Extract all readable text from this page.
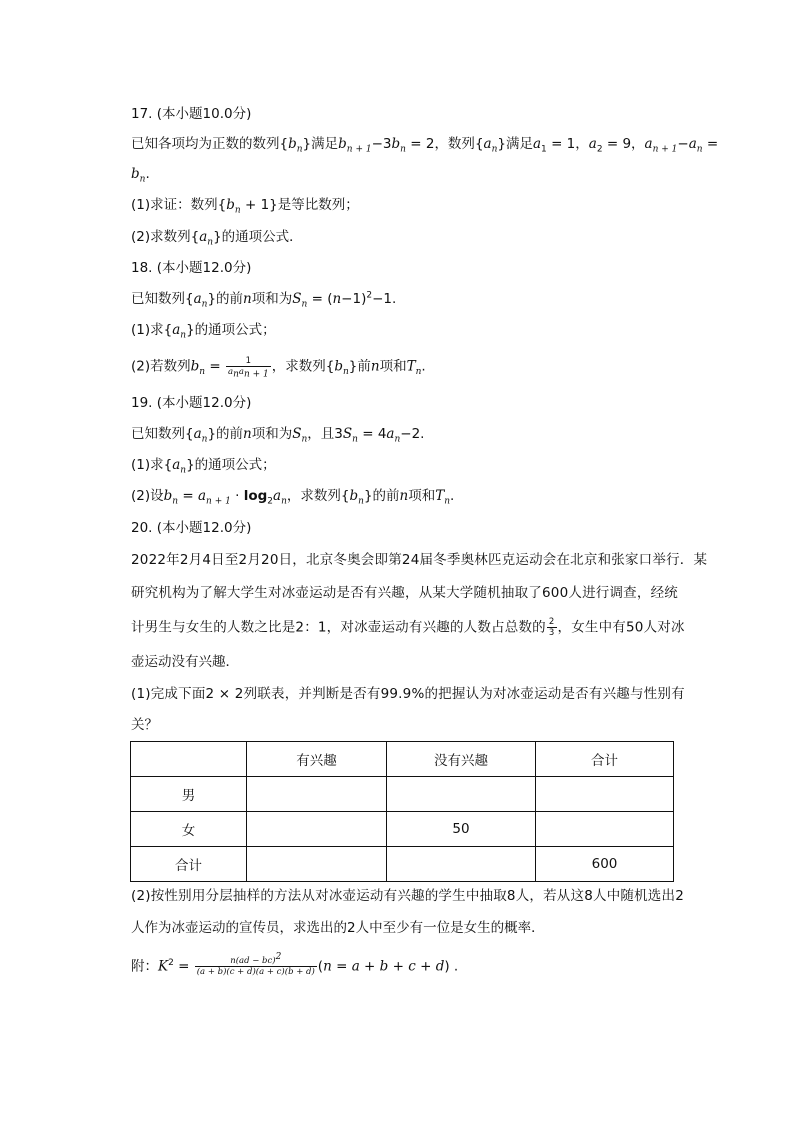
17. (本小题10.0分)
已知各项均为正数的数列$\{b_n\}$满足$b_{n + 1}-3b_n = 2$，数列$\{a_n\}$满足$a_1 = 1$，$a_2 = 9$，$a_{n + 1}-a_n$ =
$b_n$.
(1)求证：数列$\{b_n + 1\}$是等比数列；
(2)求数列$\{a_n\}$的通项公式．
18. (本小题12.0分)
已知数列$\{a_n\}$的前n项和为$S_n = (n-1)^2-1$.
(1)求$\{a_n\}$的通项公式；
(2)若数列$b_n = \frac{1}{a_na_{n + 1}}$ ，求数列$\{b_n\}$前n项和$T_n$.
19. (本小题12.0分)
已知数列$\{a_n\}$的前n项和为$S_n$，且$3S_n = 4a_n-2$.
(1)求$\{a_n\}$的通项公式；
(2)设$b_n = a_{n + 1} \cdot \log_2a_n$，求数列$\{b_n\}$的前n项和$T_n$.
20. (本小题12.0分)
2022年2月4日至2月20日，北京冬奥会即第24届冬季奥林匹克运动会在北京和张家口举行．某
研究机构为了解大学生对冰壶运动是否有兴趣，从某大学随机抽取了600人进行调查，经统
计男生与女生的人数之比是2：1，对冰壶运动有兴趣的人数占总数的 $\frac{2}{3}$ ，女生中有50人对冰
壶运动没有兴趣．
(1)完成下面2 × 2列联表，并判断是否有99.9%的把握认为对冰壶运动是否有兴趣与性别有
关？
	有兴趣	没有兴趣	合计
男			
女		50	
合计			600
(2)按性别用分层抽样的方法从对冰壶运动有兴趣的学生中抽取8人，若从这8人中随机选出2
人作为冰壶运动的宣传员，求选出的2人中至少有一位是女生的概率．
附：$K^2 = \frac{n(ad - bc)^2}{(a + b)(c + d)(a + c)(b + d)} (n = a + b + c + d)$ .
